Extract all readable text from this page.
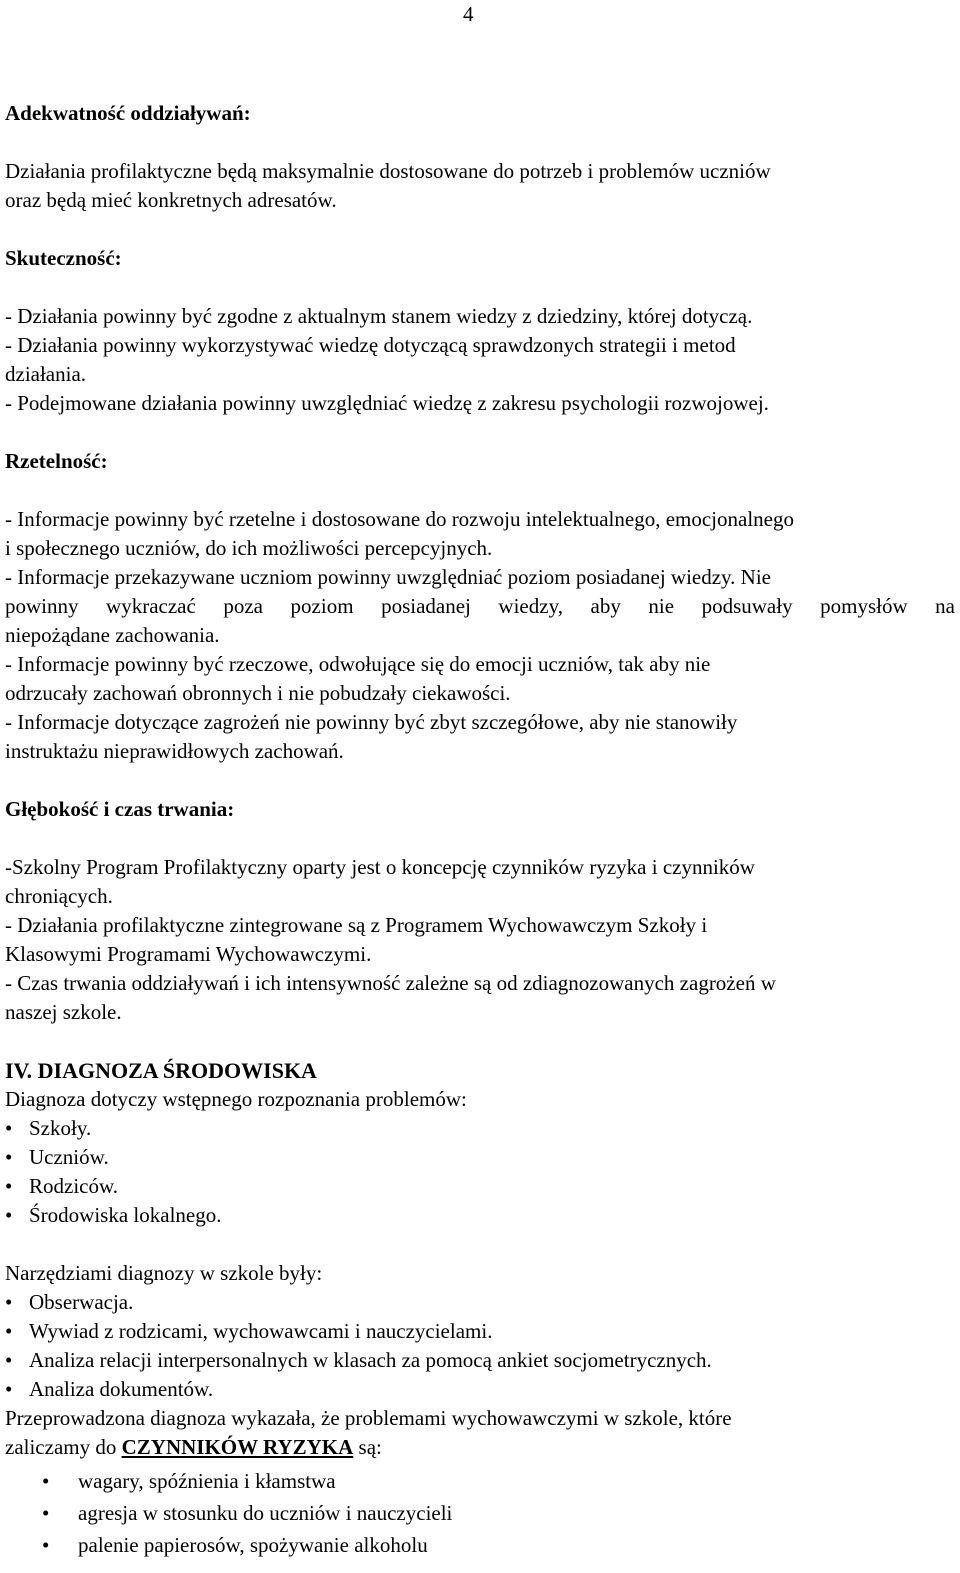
4

Adekwatność oddziaływań:

Działania profilaktyczne będą maksymalnie dostosowane do potrzeb i problemów uczniów

oraz będą mieć konkretnych adresatów.

Skuteczność:

- Działania powinny być zgodne z aktualnym stanem wiedzy z dziedziny, której dotyczą.

- Działania powinny wykorzystywać wiedzę dotyczącą sprawdzonych strategii i metod

działania.

- Podejmowane działania powinny uwzględniać wiedzę z zakresu psychologii rozwojowej.

Rzetelność:

- Informacje powinny być rzetelne i dostosowane do rozwoju intelektualnego, emocjonalnego

i społecznego uczniów, do ich możliwości percepcyjnych.

- Informacje przekazywane uczniom powinny uwzględniać poziom posiadanej wiedzy. Nie

powinny wykraczać poza poziom posiadanej wiedzy, aby nie podsuwały pomysłów na

niepożądane zachowania.

- Informacje powinny być rzeczowe, odwołujące się do emocji uczniów, tak aby nie

odrzucały zachowań obronnych i nie pobudzały ciekawości.

- Informacje dotyczące zagrożeń nie powinny być zbyt szczegółowe, aby nie stanowiły

instruktażu nieprawidłowych zachowań.

Głębokość i czas trwania:

-Szkolny Program Profilaktyczny oparty jest o koncepcję czynników ryzyka i czynników

chroniących.

- Działania profilaktyczne zintegrowane są z Programem Wychowawczym Szkoły i

Klasowymi Programami Wychowawczymi.

- Czas trwania oddziaływań i ich intensywność zależne są od zdiagnozowanych zagrożeń w

naszej szkole.

IV. DIAGNOZA ŚRODOWISKA

Diagnoza dotyczy wstępnego rozpoznania problemów:

• Szkoły.
• Uczniów.
• Rodziców.
• Środowiska lokalnego.

Narzędziami diagnozy w szkole były:

• Obserwacja.
• Wywiad z rodzicami, wychowawcami i nauczycielami.
• Analiza relacji interpersonalnych w klasach za pomocą ankiet socjometrycznych.
• Analiza dokumentów.

Przeprowadzona diagnoza wykazała, że problemami wychowawczymi w szkole, które

zaliczamy do CZYNNIKÓW RYZYKA są:

• wagary, spóźnienia i kłamstwa
• agresja w stosunku do uczniów i nauczycieli
• palenie papierosów, spożywanie alkoholu
